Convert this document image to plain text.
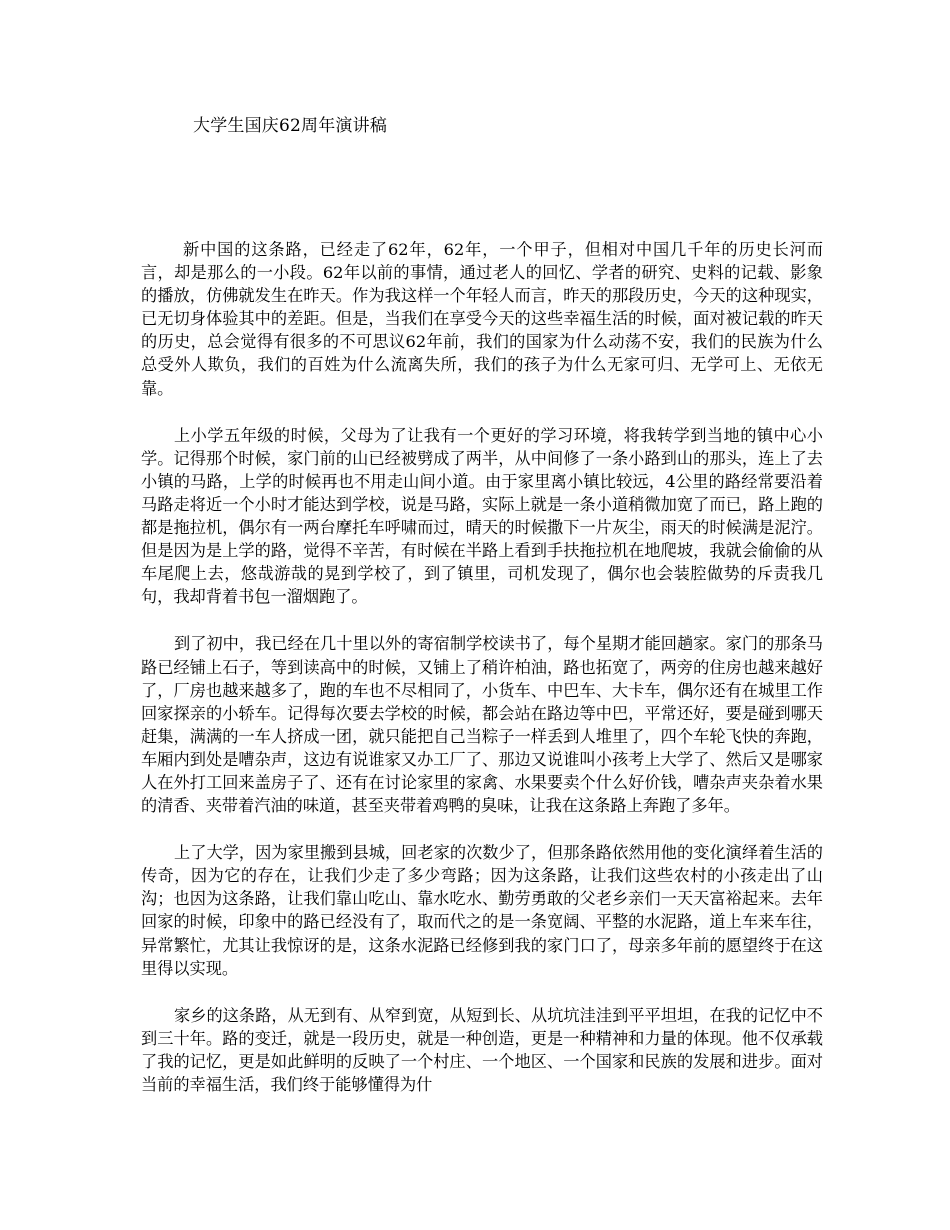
大学生国庆62周年演讲稿

新中国的这条路，已经走了62年，62年，一个甲子，但相对中国几千年的历史长河而言，却是那么的一小段。62年以前的事情，通过老人的回忆、学者的研究、史料的记载、影象的播放，仿佛就发生在昨天。作为我这样一个年轻人而言，昨天的那段历史，今天的这种现实，已无切身体验其中的差距。但是，当我们在享受今天的这些幸福生活的时候，面对被记载的昨天的历史，总会觉得有很多的不可思议62年前，我们的国家为什么动荡不安，我们的民族为什么总受外人欺负，我们的百姓为什么流离失所，我们的孩子为什么无家可归、无学可上、无依无靠。

上小学五年级的时候，父母为了让我有一个更好的学习环境，将我转学到当地的镇中心小学。记得那个时候，家门前的山已经被劈成了两半，从中间修了一条小路到山的那头，连上了去小镇的马路，上学的时候再也不用走山间小道。由于家里离小镇比较远，4公里的路经常要沿着马路走将近一个小时才能达到学校，说是马路，实际上就是一条小道稍微加宽了而已，路上跑的都是拖拉机，偶尔有一两台摩托车呼啸而过，晴天的时候撒下一片灰尘，雨天的时候满是泥泞。但是因为是上学的路，觉得不辛苦，有时候在半路上看到手扶拖拉机在地爬坡，我就会偷偷的从车尾爬上去，悠哉游哉的晃到学校了，到了镇里，司机发现了，偶尔也会装腔做势的斥责我几句，我却背着书包一溜烟跑了。

到了初中，我已经在几十里以外的寄宿制学校读书了，每个星期才能回趟家。家门的那条马路已经铺上石子，等到读高中的时候，又铺上了稍许柏油，路也拓宽了，两旁的住房也越来越好了，厂房也越来越多了，跑的车也不尽相同了，小货车、中巴车、大卡车，偶尔还有在城里工作回家探亲的小轿车。记得每次要去学校的时候，都会站在路边等中巴，平常还好，要是碰到哪天赶集，满满的一车人挤成一团，就只能把自己当粽子一样丢到人堆里了，四个车轮飞快的奔跑，车厢内到处是嘈杂声，这边有说谁家又办工厂了、那边又说谁叫小孩考上大学了、然后又是哪家人在外打工回来盖房子了、还有在讨论家里的家禽、水果要卖个什么好价钱，嘈杂声夹杂着水果的清香、夹带着汽油的味道，甚至夹带着鸡鸭的臭味，让我在这条路上奔跑了多年。

上了大学，因为家里搬到县城，回老家的次数少了，但那条路依然用他的变化演绎着生活的传奇，因为它的存在，让我们少走了多少弯路；因为这条路，让我们这些农村的小孩走出了山沟；也因为这条路，让我们靠山吃山、靠水吃水、勤劳勇敢的父老乡亲们一天天富裕起来。去年回家的时候，印象中的路已经没有了，取而代之的是一条宽阔、平整的水泥路，道上车来车往，异常繁忙，尤其让我惊讶的是，这条水泥路已经修到我的家门口了，母亲多年前的愿望终于在这里得以实现。

家乡的这条路，从无到有、从窄到宽，从短到长、从坑坑洼洼到平平坦坦，在我的记忆中不到三十年。路的变迁，就是一段历史，就是一种创造，更是一种精神和力量的体现。他不仅承载了我的记忆，更是如此鲜明的反映了一个村庄、一个地区、一个国家和民族的发展和进步。面对当前的幸福生活，我们终于能够懂得为什
